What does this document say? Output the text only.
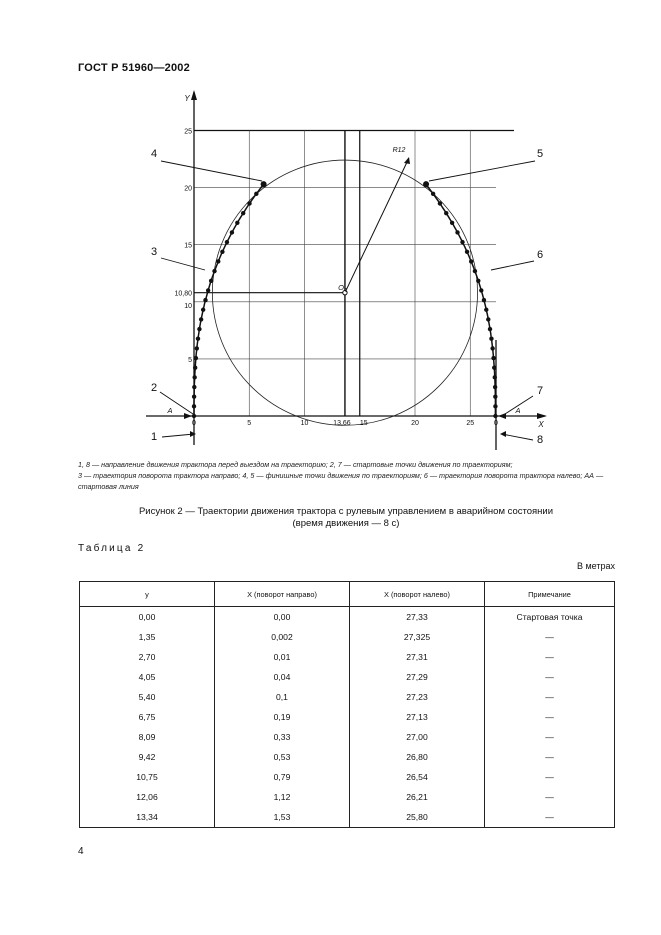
ГОСТ Р 51960—2002
A	A
Y
X
25
20
15
10,80
10
5
0	5	10	13,66 15	20	25	0
R12
O 1
1
2
3
4	5
6
7
8
1, 8 — направление движения трактора перед выездом на траекторию; 2, 7 — стартовые точки движения по траекториям;
3 — траектория поворота трактора направо; 4, 5 — финишные точки движения по траекториям; 6 — траектория поворота трактора налево; АА — стартовая линия
Рисунок 2 — Траектории движения трактора с рулевым управлением в аварийном состоянии
(время движения — 8 с)
Таблица 2
В метрах
y	X (поворот направо)	X (поворот налево)	Примечание
0,00	0,00	27,33	Стартовая точка
1,35	0,002	27,325	—
2,70	0,01	27,31	—
4,05	0,04	27,29	—
5,40	0,1	27,23	—
6,75	0,19	27,13	—
8,09	0,33	27,00	—
9,42	0,53	26,80	—
10,75	0,79	26,54	—
12,06	1,12	26,21	—
13,34	1,53	25,80	—
4
